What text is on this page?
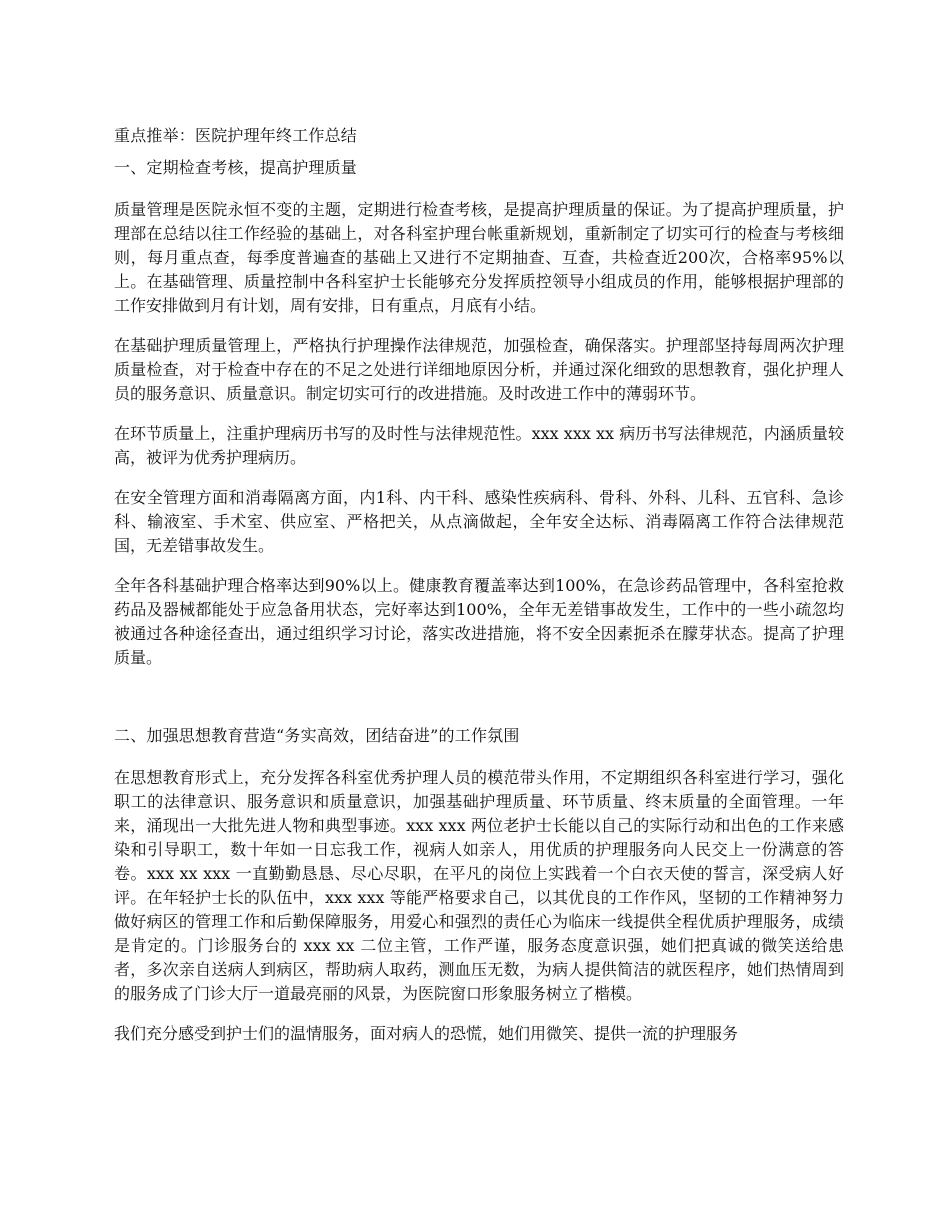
重点推举：医院护理年终工作总结
一、定期检查考核，提高护理质量

质量管理是医院永恒不变的主题，定期进行检查考核，是提高护理质量的保证。为了提高护理质量，护理部在总结以往工作经验的基础上，对各科室护理台帐重新规划，重新制定了切实可行的检查与考核细则，每月重点查，每季度普遍查的基础上又进行不定期抽查、互查，共检查近200次，合格率95%以上。在基础管理、质量控制中各科室护士长能够充分发挥质控领导小组成员的作用，能够根据护理部的工作安排做到月有计划，周有安排，日有重点，月底有小结。

在基础护理质量管理上，严格执行护理操作法律规范，加强检查，确保落实。护理部坚持每周两次护理质量检查，对于检查中存在的不足之处进行详细地原因分析，并通过深化细致的思想教育，强化护理人员的服务意识、质量意识。制定切实可行的改进措施。及时改进工作中的薄弱环节。

在环节质量上，注重护理病历书写的及时性与法律规范性。xxx xxx xx 病历书写法律规范，内涵质量较高，被评为优秀护理病历。

在安全管理方面和消毒隔离方面，内1科、内干科、感染性疾病科、骨科、外科、儿科、五官科、急诊科、输液室、手术室、供应室、严格把关，从点滴做起，全年安全达标、消毒隔离工作符合法律规范国，无差错事故发生。

全年各科基础护理合格率达到90%以上。健康教育覆盖率达到100%，在急诊药品管理中，各科室抢救药品及器械都能处于应急备用状态，完好率达到100%，全年无差错事故发生，工作中的一些小疏忽均被通过各种途径查出，通过组织学习讨论，落实改进措施，将不安全因素扼杀在朦芽状态。提高了护理质量。

二、加强思想教育营造“务实高效，团结奋进”的工作氛围

在思想教育形式上，充分发挥各科室优秀护理人员的模范带头作用，不定期组织各科室进行学习，强化职工的法律意识、服务意识和质量意识，加强基础护理质量、环节质量、终末质量的全面管理。一年来，涌现出一大批先进人物和典型事迹。xxx xxx 两位老护士长能以自己的实际行动和出色的工作来感染和引导职工，数十年如一日忘我工作，视病人如亲人，用优质的护理服务向人民交上一份满意的答卷。xxx xx xxx 一直勤勤恳恳、尽心尽职，在平凡的岗位上实践着一个白衣天使的誓言，深受病人好评。在年轻护士长的队伍中，xxx xxx 等能严格要求自己，以其优良的工作作风，坚韧的工作精神努力做好病区的管理工作和后勤保障服务，用爱心和强烈的责任心为临床一线提供全程优质护理服务，成绩是肯定的。门诊服务台的 xxx xx 二位主管，工作严谨，服务态度意识强，她们把真诚的微笑送给患者，多次亲自送病人到病区，帮助病人取药，测血压无数，为病人提供简洁的就医程序，她们热情周到的服务成了门诊大厅一道最亮丽的风景，为医院窗口形象服务树立了楷模。

我们充分感受到护士们的温情服务，面对病人的恐慌，她们用微笑、提供一流的护理服务
